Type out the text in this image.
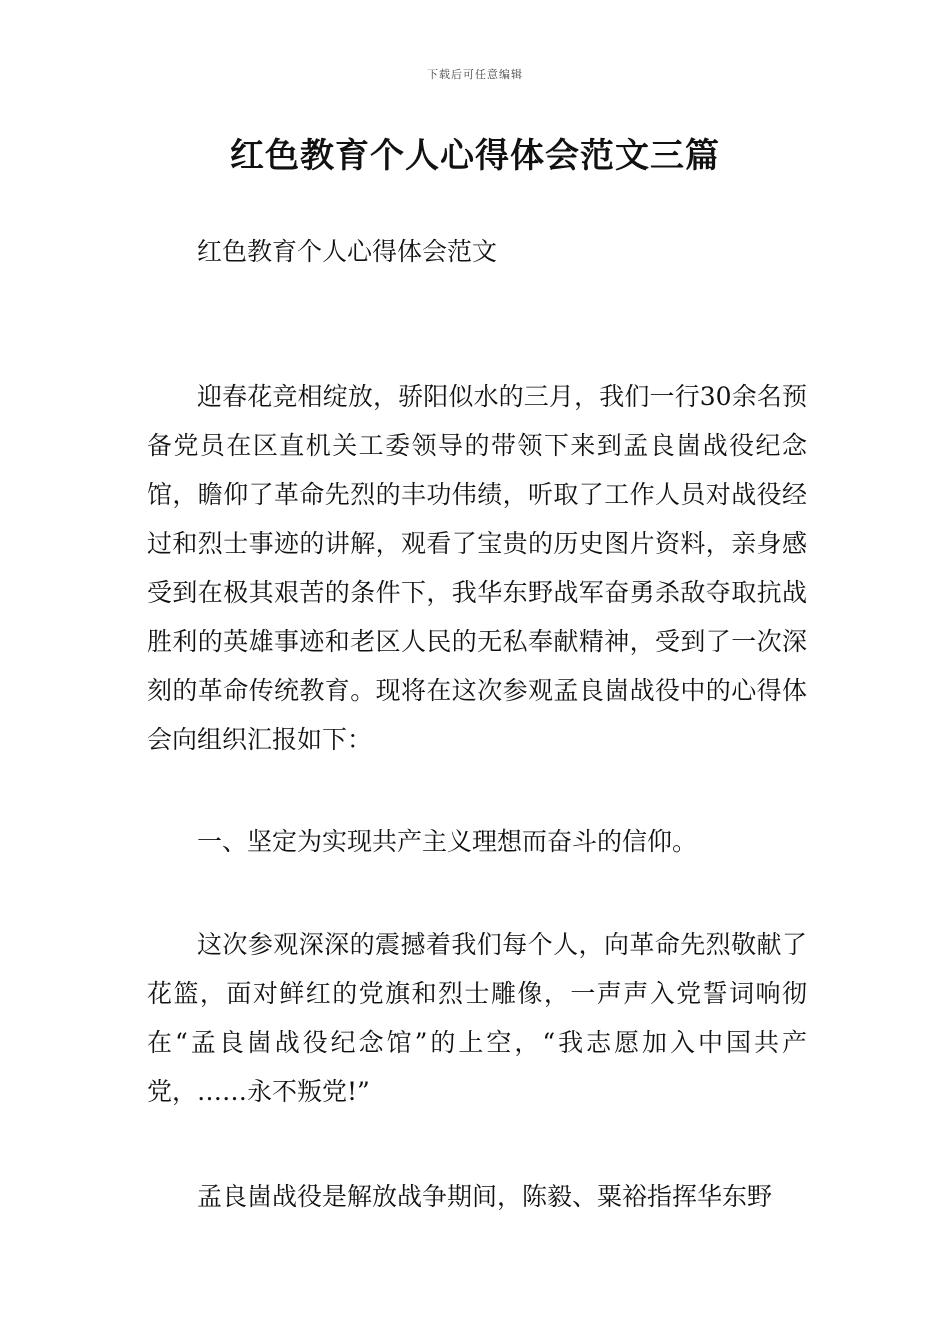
下载后可任意编辑
红色教育个人心得体会范文三篇
红色教育个人心得体会范文

迎春花竞相绽放，骄阳似水的三月，我们一行30余名预备党员在区直机关工委领导的带领下来到孟良崮战役纪念馆，瞻仰了革命先烈的丰功伟绩，听取了工作人员对战役经过和烈士事迹的讲解，观看了宝贵的历史图片资料，亲身感受到在极其艰苦的条件下，我华东野战军奋勇杀敌夺取抗战胜利的英雄事迹和老区人民的无私奉献精神，受到了一次深刻的革命传统教育。现将在这次参观孟良崮战役中的心得体会向组织汇报如下：

一、坚定为实现共产主义理想而奋斗的信仰。

这次参观深深的震撼着我们每个人，向革命先烈敬献了花篮，面对鲜红的党旗和烈士雕像，一声声入党誓词响彻在“孟良崮战役纪念馆”的上空，“我志愿加入中国共产党，……永不叛党!”

孟良崮战役是解放战争期间，陈毅、粟裕指挥华东野
